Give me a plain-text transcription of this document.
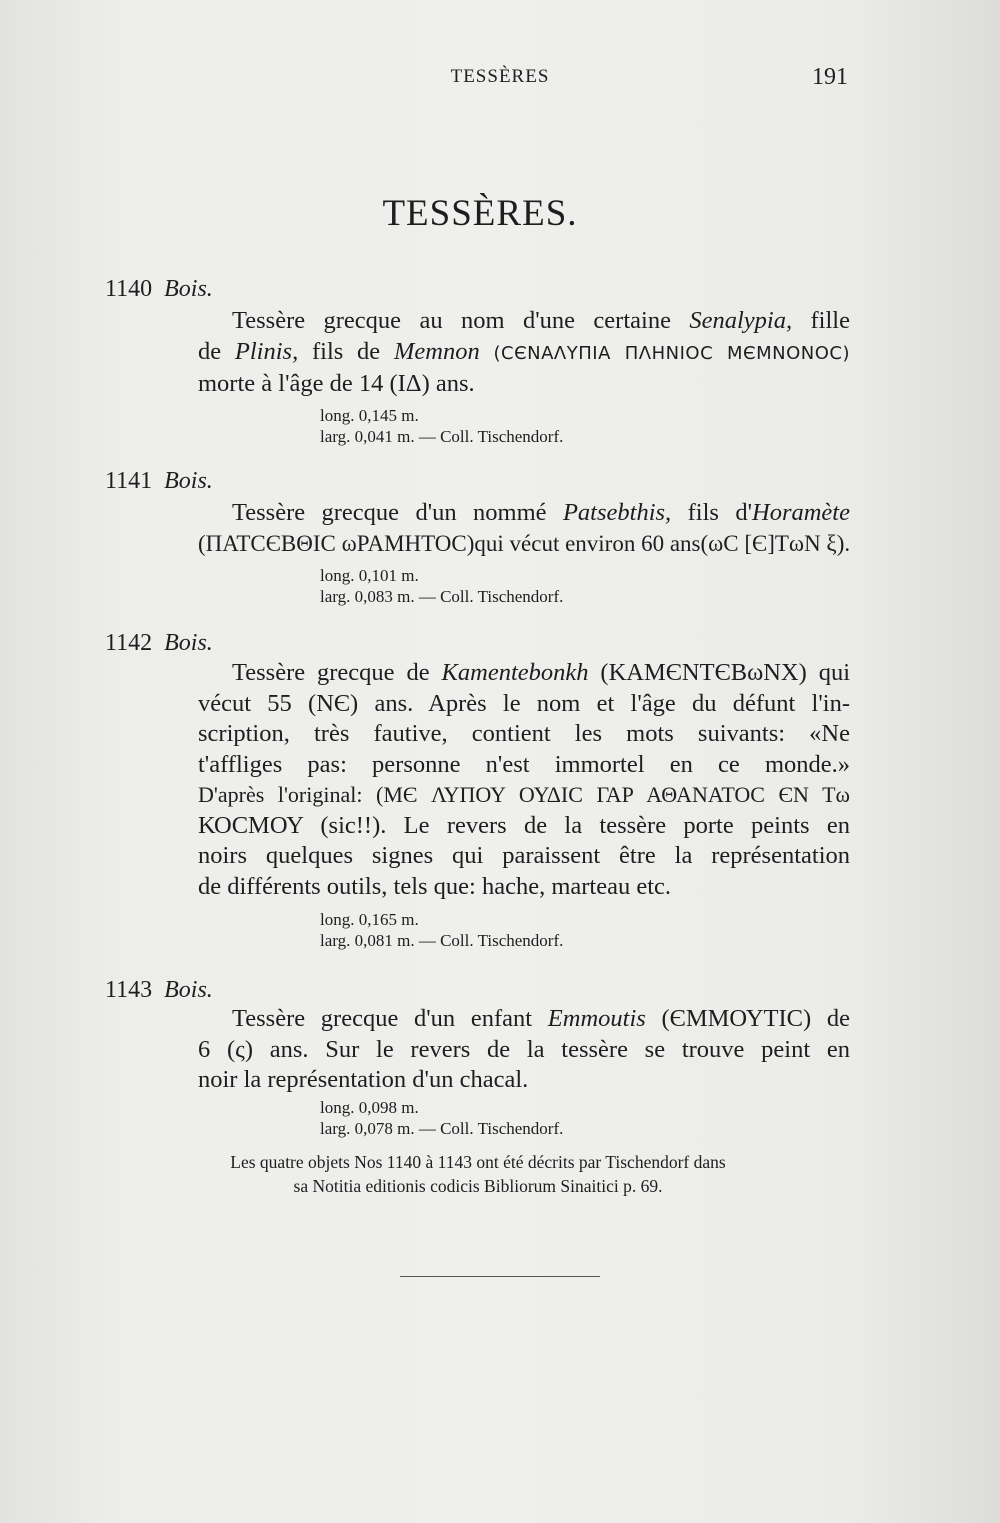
TESSÈRES	191
TESSÈRES.
1140 Bois.
Tessère grecque au nom d'une certaine Senalypia, fille
de Plinis, fils de Memnon (CЄΝΑΛΥΠΙΑ ΠΛΗΝΙΟC ΜЄΜΝΟΝΟC)
morte à l'âge de 14 (ΙΔ) ans.
long. 0,145 m.
larg. 0,041 m. — Coll. Tischendorf.
1141 Bois.
Tessère grecque d'un nommé Patsebthis, fils d'Horamète
(ΠΑΤCЄΒΘΙC ωΡΑΜΗΤΟC)qui vécut environ 60 ans(ωC [Є]ΤωΝ ξ).
long. 0,101 m.
larg. 0,083 m. — Coll. Tischendorf.
1142 Bois.
Tessère grecque de Kamentebonkh (ΚΑΜЄΝΤЄΒωΝΧ) qui
vécut 55 (ΝЄ) ans. Après le nom et l'âge du défunt l'in-
scription, très fautive, contient les mots suivants: «Ne
t'affliges pas: personne n'est immortel en ce monde.»
D'après l'original: (ΜЄ ΛΥΠΟΥ ΟΥΔΙC ΓΑΡ ΑΘΑΝΑΤΟC ЄΝ Τω
ΚΟCΜΟΥ (sic!!). Le revers de la tessère porte peints en
noirs quelques signes qui paraissent être la représentation
de différents outils, tels que: hache, marteau etc.
long. 0,165 m.
larg. 0,081 m. — Coll. Tischendorf.
1143 Bois.
Tessère grecque d'un enfant Emmoutis (ЄΜΜΟΥΤΙC) de
6 (ς) ans. Sur le revers de la tessère se trouve peint en
noir la représentation d'un chacal.
long. 0,098 m.
larg. 0,078 m. — Coll. Tischendorf.
Les quatre objets Nos 1140 à 1143 ont été décrits par Tischendorf dans
sa Notitia editionis codicis Bibliorum Sinaitici p. 69.
